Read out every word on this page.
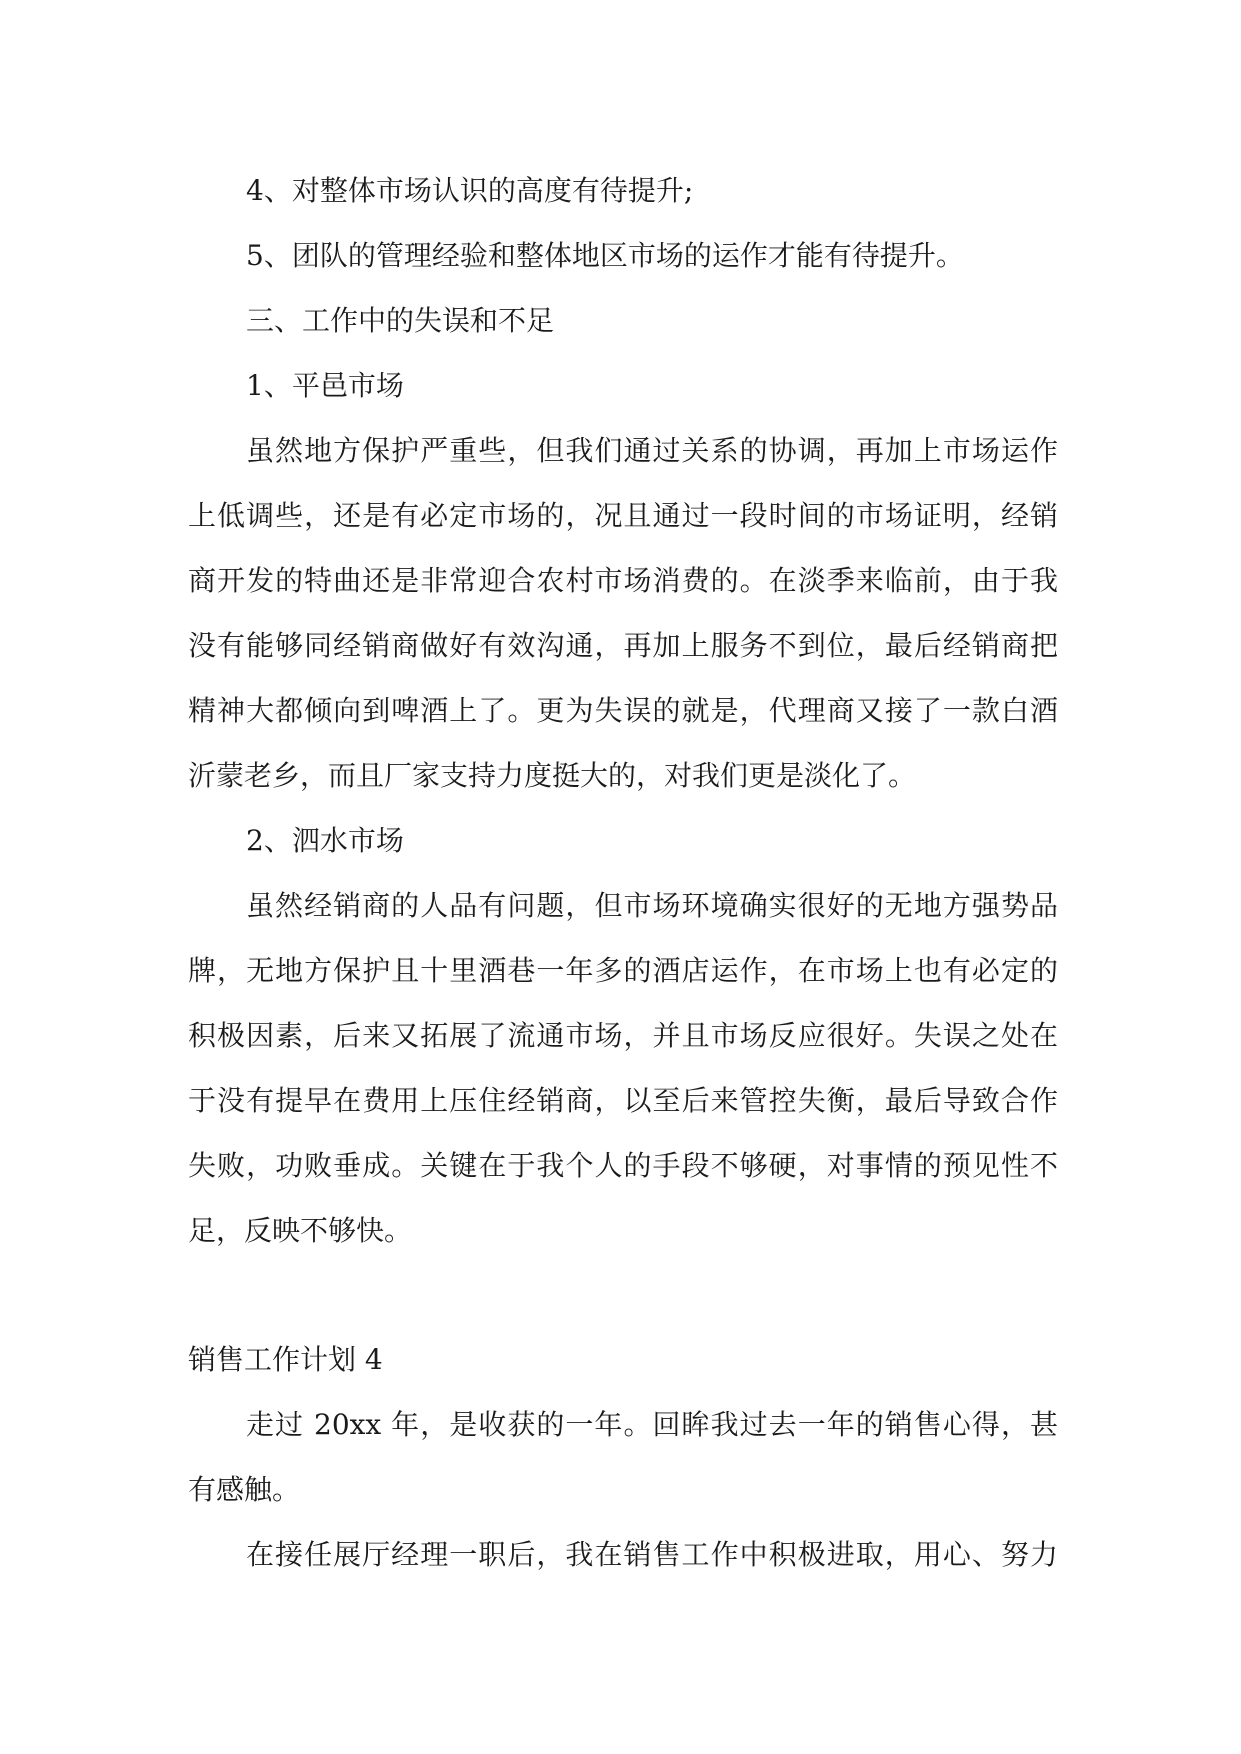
4、对整体市场认识的高度有待提升;
5、团队的管理经验和整体地区市场的运作才能有待提升。
三、工作中的失误和不足
1、平邑市场
虽然地方保护严重些，但我们通过关系的协调，再加上市场运作
上低调些，还是有必定市场的，况且通过一段时间的市场证明，经销
商开发的特曲还是非常迎合农村市场消费的。在淡季来临前，由于我
没有能够同经销商做好有效沟通，再加上服务不到位，最后经销商把
精神大都倾向到啤酒上了。更为失误的就是，代理商又接了一款白酒
沂蒙老乡，而且厂家支持力度挺大的，对我们更是淡化了。
2、泗水市场
虽然经销商的人品有问题，但市场环境确实很好的无地方强势品
牌，无地方保护且十里酒巷一年多的酒店运作，在市场上也有必定的
积极因素，后来又拓展了流通市场，并且市场反应很好。失误之处在
于没有提早在费用上压住经销商，以至后来管控失衡，最后导致合作
失败，功败垂成。关键在于我个人的手段不够硬，对事情的预见性不
足，反映不够快。
销售工作计划 4
走过 20xx 年，是收获的一年。回眸我过去一年的销售心得，甚
有感触。
在接任展厅经理一职后，我在销售工作中积极进取，用心、努力
